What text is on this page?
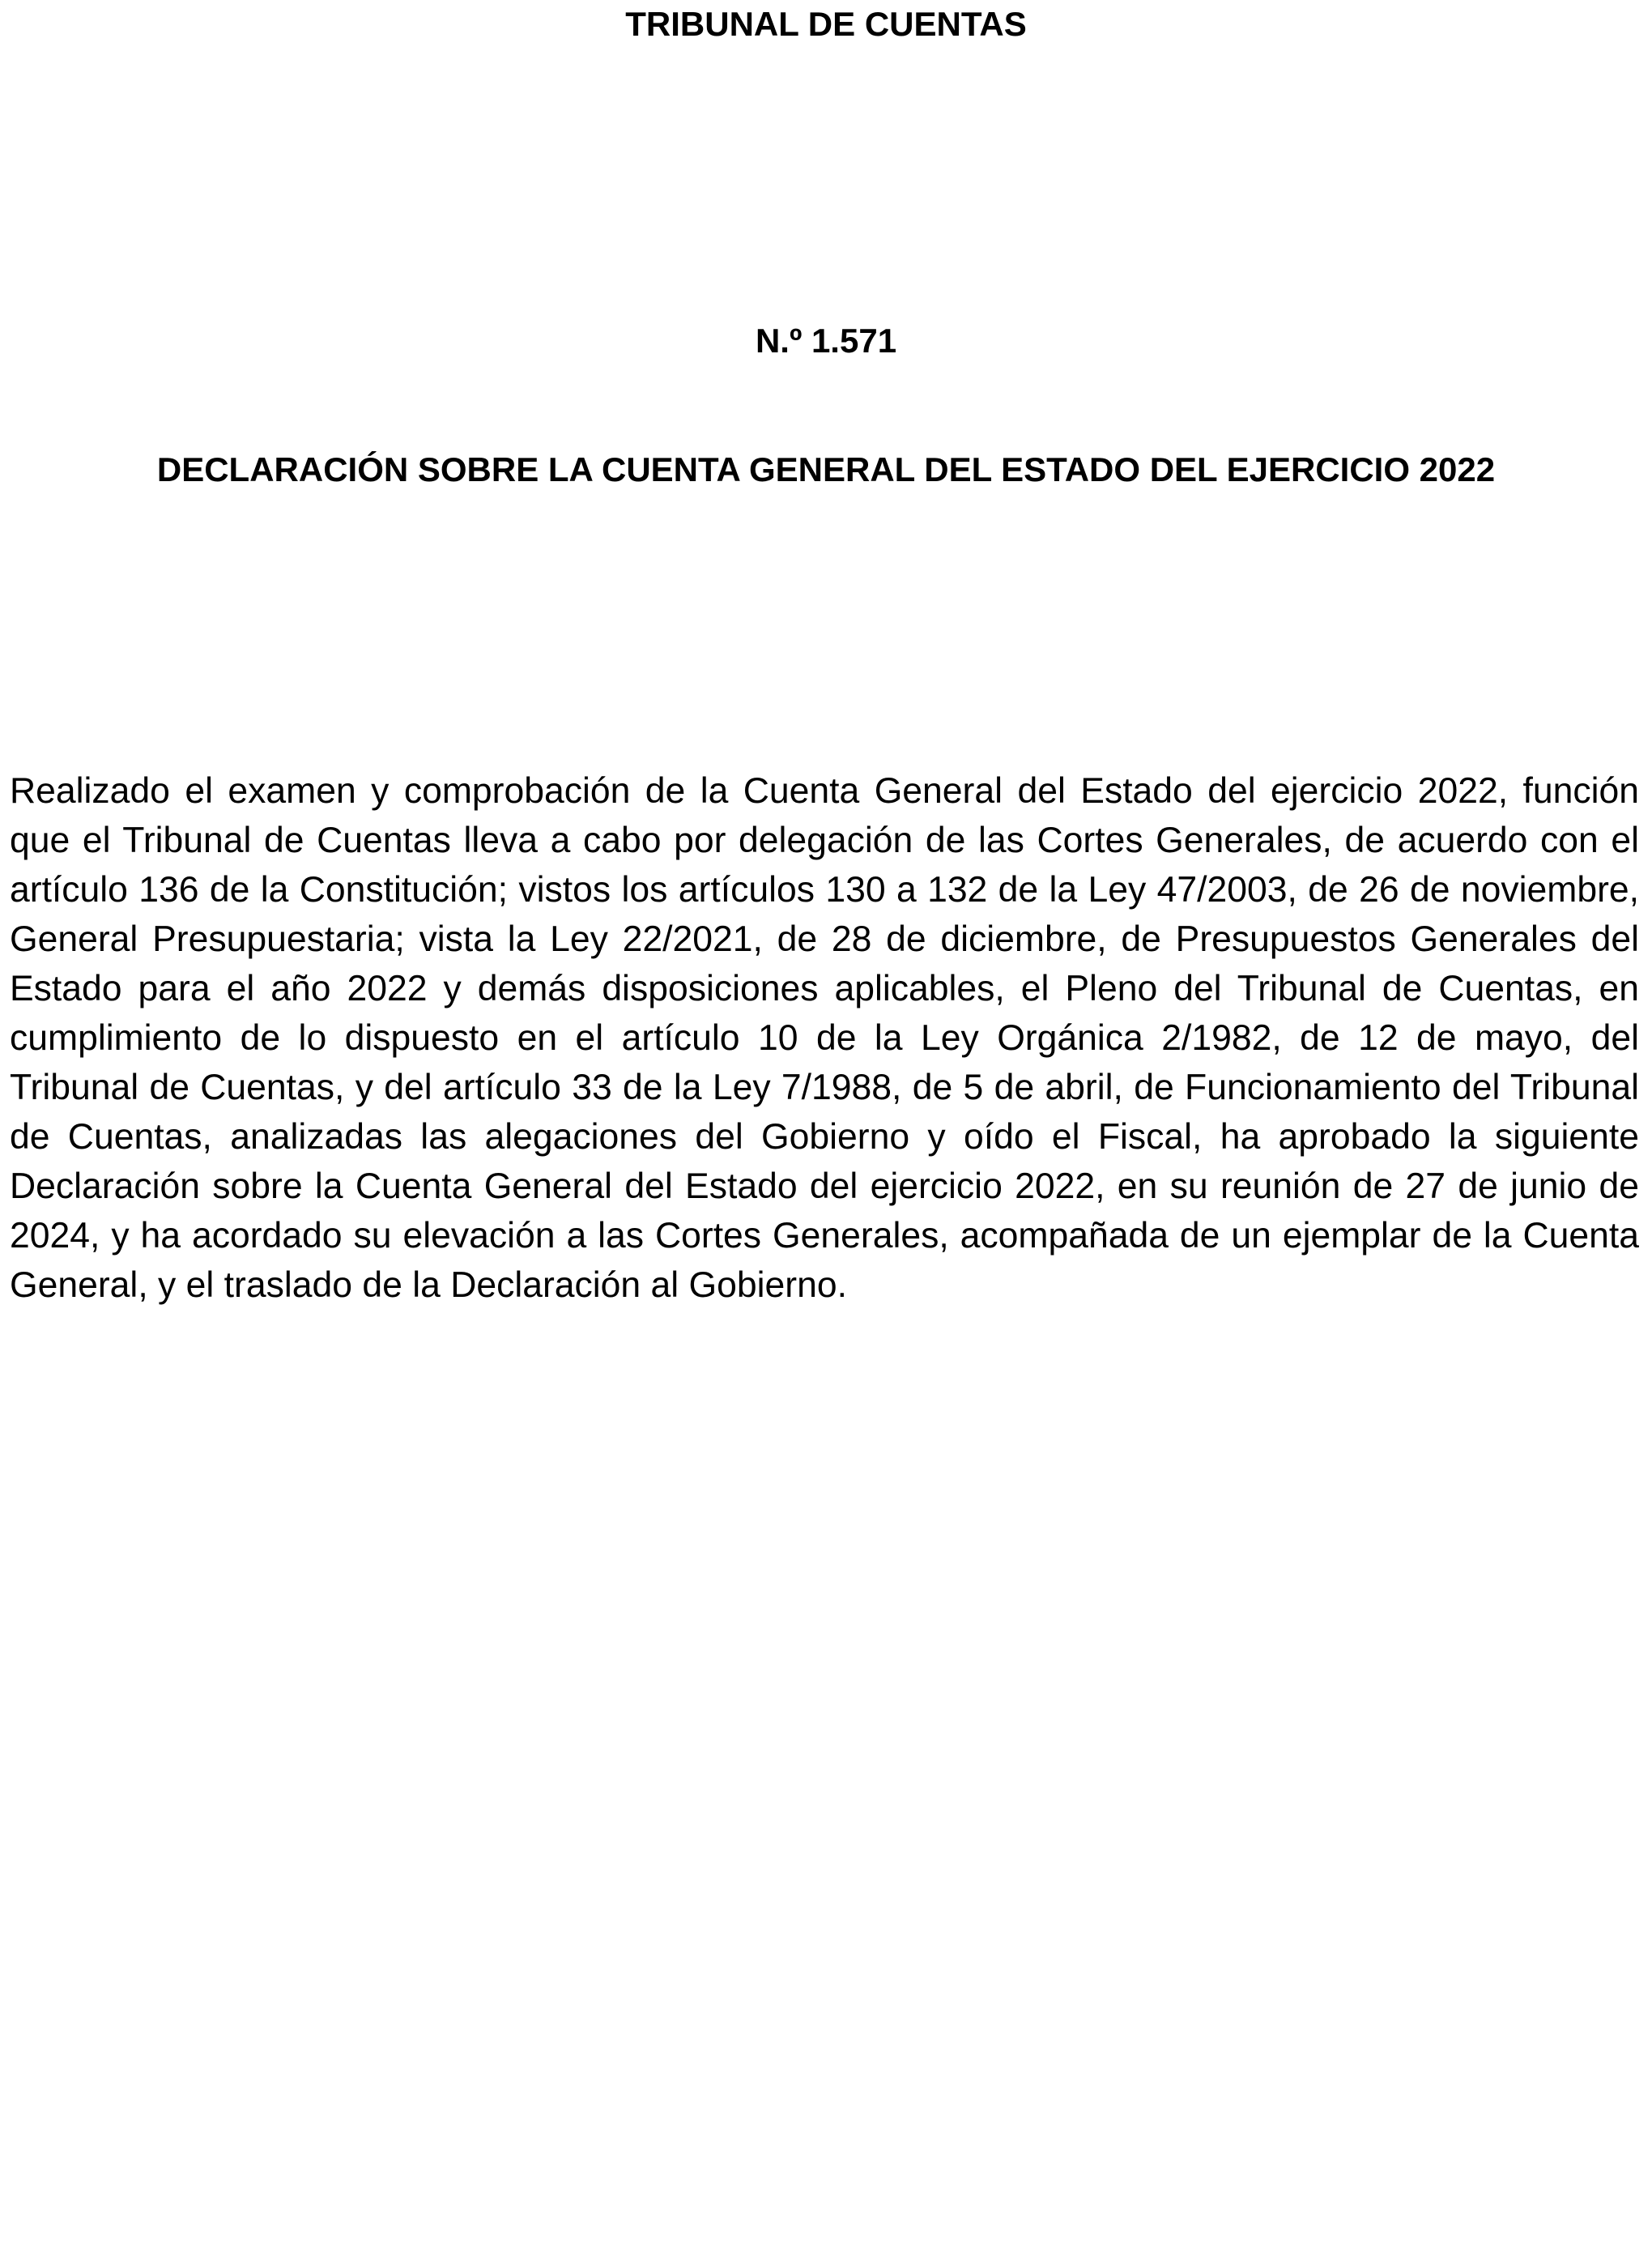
TRIBUNAL DE CUENTAS
N.º 1.571
DECLARACIÓN SOBRE LA CUENTA GENERAL DEL ESTADO DEL EJERCICIO 2022
Realizado el examen y comprobación de la Cuenta General del Estado del ejercicio 2022, función
que el Tribunal de Cuentas lleva a cabo por delegación de las Cortes Generales, de acuerdo con el
artículo 136 de la Constitución; vistos los artículos 130 a 132 de la Ley 47/2003, de 26 de noviembre,
General Presupuestaria; vista la Ley 22/2021, de 28 de diciembre, de Presupuestos Generales del
Estado para el año 2022 y demás disposiciones aplicables, el Pleno del Tribunal de Cuentas, en
cumplimiento de lo dispuesto en el artículo 10 de la Ley Orgánica 2/1982, de 12 de mayo, del
Tribunal de Cuentas, y del artículo 33 de la Ley 7/1988, de 5 de abril, de Funcionamiento del Tribunal
de Cuentas, analizadas las alegaciones del Gobierno y oído el Fiscal, ha aprobado la siguiente
Declaración sobre la Cuenta General del Estado del ejercicio 2022, en su reunión de 27 de junio de
2024, y ha acordado su elevación a las Cortes Generales, acompañada de un ejemplar de la Cuenta
General, y el traslado de la Declaración al Gobierno.
